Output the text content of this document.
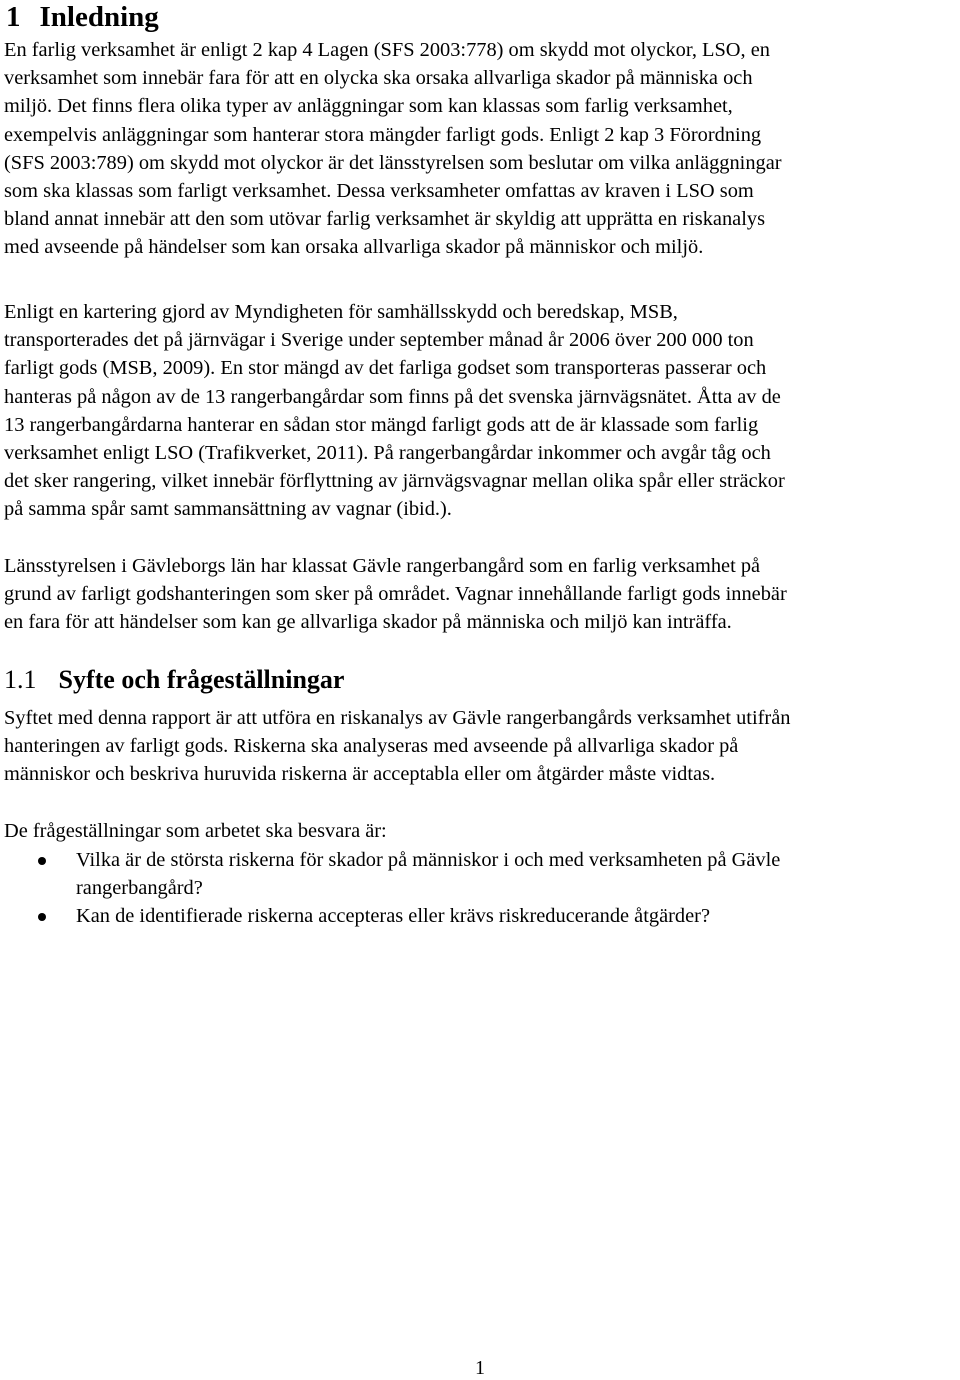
1 Inledning

En farlig verksamhet är enligt 2 kap 4 Lagen (SFS 2003:778) om skydd mot olyckor, LSO, en
verksamhet som innebär fara för att en olycka ska orsaka allvarliga skador på människa och
miljö. Det finns flera olika typer av anläggningar som kan klassas som farlig verksamhet,
exempelvis anläggningar som hanterar stora mängder farligt gods. Enligt 2 kap 3 Förordning
(SFS 2003:789) om skydd mot olyckor är det länsstyrelsen som beslutar om vilka anläggningar
som ska klassas som farligt verksamhet. Dessa verksamheter omfattas av kraven i LSO som
bland annat innebär att den som utövar farlig verksamhet är skyldig att upprätta en riskanalys
med avseende på händelser som kan orsaka allvarliga skador på människor och miljö.

Enligt en kartering gjord av Myndigheten för samhällsskydd och beredskap, MSB,
transporterades det på järnvägar i Sverige under september månad år 2006 över 200 000 ton
farligt gods (MSB, 2009). En stor mängd av det farliga godset som transporteras passerar och
hanteras på någon av de 13 rangerbangårdar som finns på det svenska järnvägsnätet. Åtta av de
13 rangerbangårdarna hanterar en sådan stor mängd farligt gods att de är klassade som farlig
verksamhet enligt LSO (Trafikverket, 2011). På rangerbangårdar inkommer och avgår tåg och
det sker rangering, vilket innebär förflyttning av järnvägsvagnar mellan olika spår eller sträckor
på samma spår samt sammansättning av vagnar (ibid.).

Länsstyrelsen i Gävleborgs län har klassat Gävle rangerbangård som en farlig verksamhet på
grund av farligt godshanteringen som sker på området. Vagnar innehållande farligt gods innebär
en fara för att händelser som kan ge allvarliga skador på människa och miljö kan inträffa.

1.1 Syfte och frågeställningar

Syftet med denna rapport är att utföra en riskanalys av Gävle rangerbangårds verksamhet utifrån
hanteringen av farligt gods. Riskerna ska analyseras med avseende på allvarliga skador på
människor och beskriva huruvida riskerna är acceptabla eller om åtgärder måste vidtas.

De frågeställningar som arbetet ska besvara är:

Vilka är de största riskerna för skador på människor i och med verksamheten på Gävle
rangerbangård?
Kan de identifierade riskerna accepteras eller krävs riskreducerande åtgärder?
1
